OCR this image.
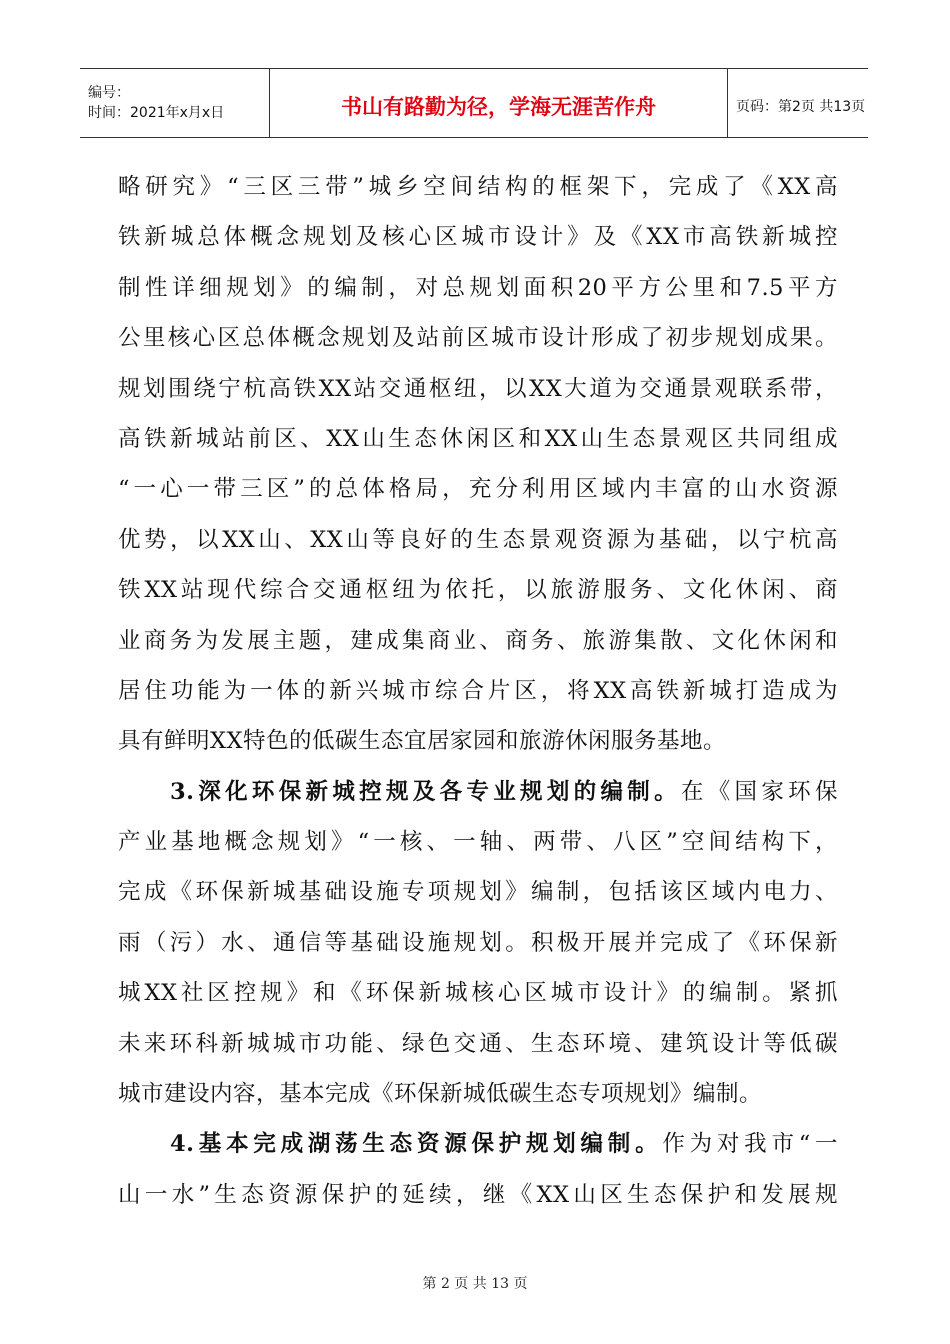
编号：
时间：2021年x月x日	书山有路勤为径，学海无涯苦作舟	页码：第2页 共13页
略研究》“三区三带”城乡空间结构的框架下，完成了《XX高
铁新城总体概念规划及核心区城市设计》及《XX市高铁新城控
制性详细规划》的编制，对总规划面积20平方公里和7.5平方
公里核心区总体概念规划及站前区城市设计形成了初步规划成果。
规划围绕宁杭高铁XX站交通枢纽，以XX大道为交通景观联系带，
高铁新城站前区、XX山生态休闲区和XX山生态景观区共同组成
“一心一带三区”的总体格局，充分利用区域内丰富的山水资源
优势，以XX山、XX山等良好的生态景观资源为基础，以宁杭高
铁XX站现代综合交通枢纽为依托，以旅游服务、文化休闲、商
业商务为发展主题，建成集商业、商务、旅游集散、文化休闲和
居住功能为一体的新兴城市综合片区，将XX高铁新城打造成为
具有鲜明XX特色的低碳生态宜居家园和旅游休闲服务基地。
3.深化环保新城控规及各专业规划的编制。在《国家环保
产业基地概念规划》“一核、一轴、两带、八区”空间结构下，
完成《环保新城基础设施专项规划》编制，包括该区域内电力、
雨（污）水、通信等基础设施规划。积极开展并完成了《环保新
城XX社区控规》和《环保新城核心区城市设计》的编制。紧抓
未来环科新城城市功能、绿色交通、生态环境、建筑设计等低碳
城市建设内容，基本完成《环保新城低碳生态专项规划》编制。
4.基本完成湖荡生态资源保护规划编制。作为对我市“一
山一水”生态资源保护的延续，继《XX山区生态保护和发展规
第 2 页 共 13 页
